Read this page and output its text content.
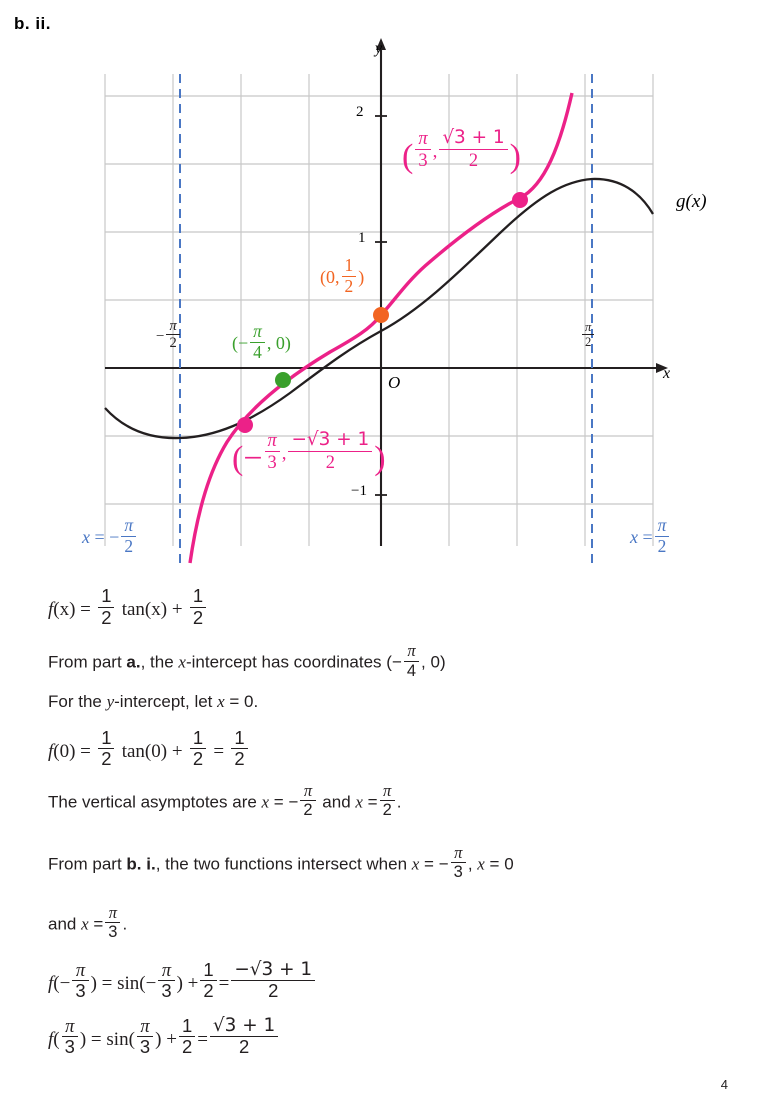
b. ii.
x
y
O
g(x)
2
1
−1
− $\frac{\pi}{2}$	$\frac{\pi}{2}$
x = − $\frac{\pi}{2}$	$x = \frac{\pi}{2}$
(0, $\frac{1}{2}$ )
(− $\frac{\pi}{4}$ , 0)
( $\frac{\pi}{3}$ , $\frac{√3 + 1}{2}$ )
(− $\frac{\pi}{3}$ , $\frac{-√3 + 1}{2}$ )
$f(x) = \frac{1}{2} \tan(x) + \frac{1}{2}$
From part a., the x-intercept has coordinates (− $\frac{\pi}{4}$ , 0)
For the y-intercept, let x = 0.
$f(0) = \frac{1}{2} \tan(0) + \frac{1}{2} = \frac{1}{2}$
The vertical asymptotes are x = − $\frac{\pi}{2}$ and $x = \frac{\pi}{2}$ .
From part b. i., the two functions intersect when x = − $\frac{\pi}{3}$ , x = 0
and $x = \frac{\pi}{3}$ .
$f(- \frac{\pi}{3}$ ) = $\sin(- \frac{\pi}{3}$ ) + $\frac{1}{2} = \frac{-√3 + 1}{2}$
$f( \frac{\pi}{3}$ ) = $\sin( \frac{\pi}{3}$ ) + $\frac{1}{2} = \frac{√3 + 1}{2}$
4
